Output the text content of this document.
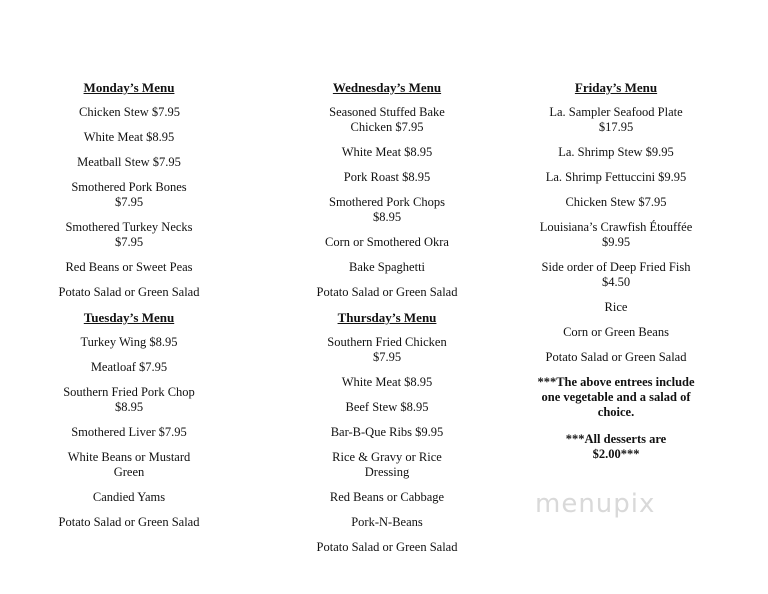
Monday’s Menu
Chicken Stew $7.95
White Meat $8.95
Meatball Stew $7.95
Smothered Pork Bones $7.95
Smothered Turkey Necks $7.95
Red Beans or Sweet Peas
Potato Salad or Green Salad
Tuesday’s Menu
Turkey Wing $8.95
Meatloaf $7.95
Southern Fried Pork Chop $8.95
Smothered Liver $7.95
White Beans or Mustard Green
Candied Yams
Potato Salad or Green Salad
Wednesday’s Menu
Seasoned Stuffed Bake Chicken $7.95
White Meat $8.95
Pork Roast $8.95
Smothered Pork Chops $8.95
Corn or Smothered Okra
Bake Spaghetti
Potato Salad or Green Salad
Thursday’s Menu
Southern Fried Chicken $7.95
White Meat $8.95
Beef Stew $8.95
Bar-B-Que Ribs $9.95
Rice & Gravy or Rice Dressing
Red Beans or Cabbage
Pork-N-Beans
Potato Salad or Green Salad
Friday’s Menu
La. Sampler Seafood Plate $17.95
La. Shrimp Stew $9.95
La. Shrimp Fettuccini $9.95
Chicken Stew $7.95
Louisiana’s Crawfish Étouffée $9.95
Side order of Deep Fried Fish $4.50
Rice
Corn or Green Beans
Potato Salad or Green Salad
***The above entrees include one vegetable and a salad of choice.
***All desserts are $2.00***
menupix
